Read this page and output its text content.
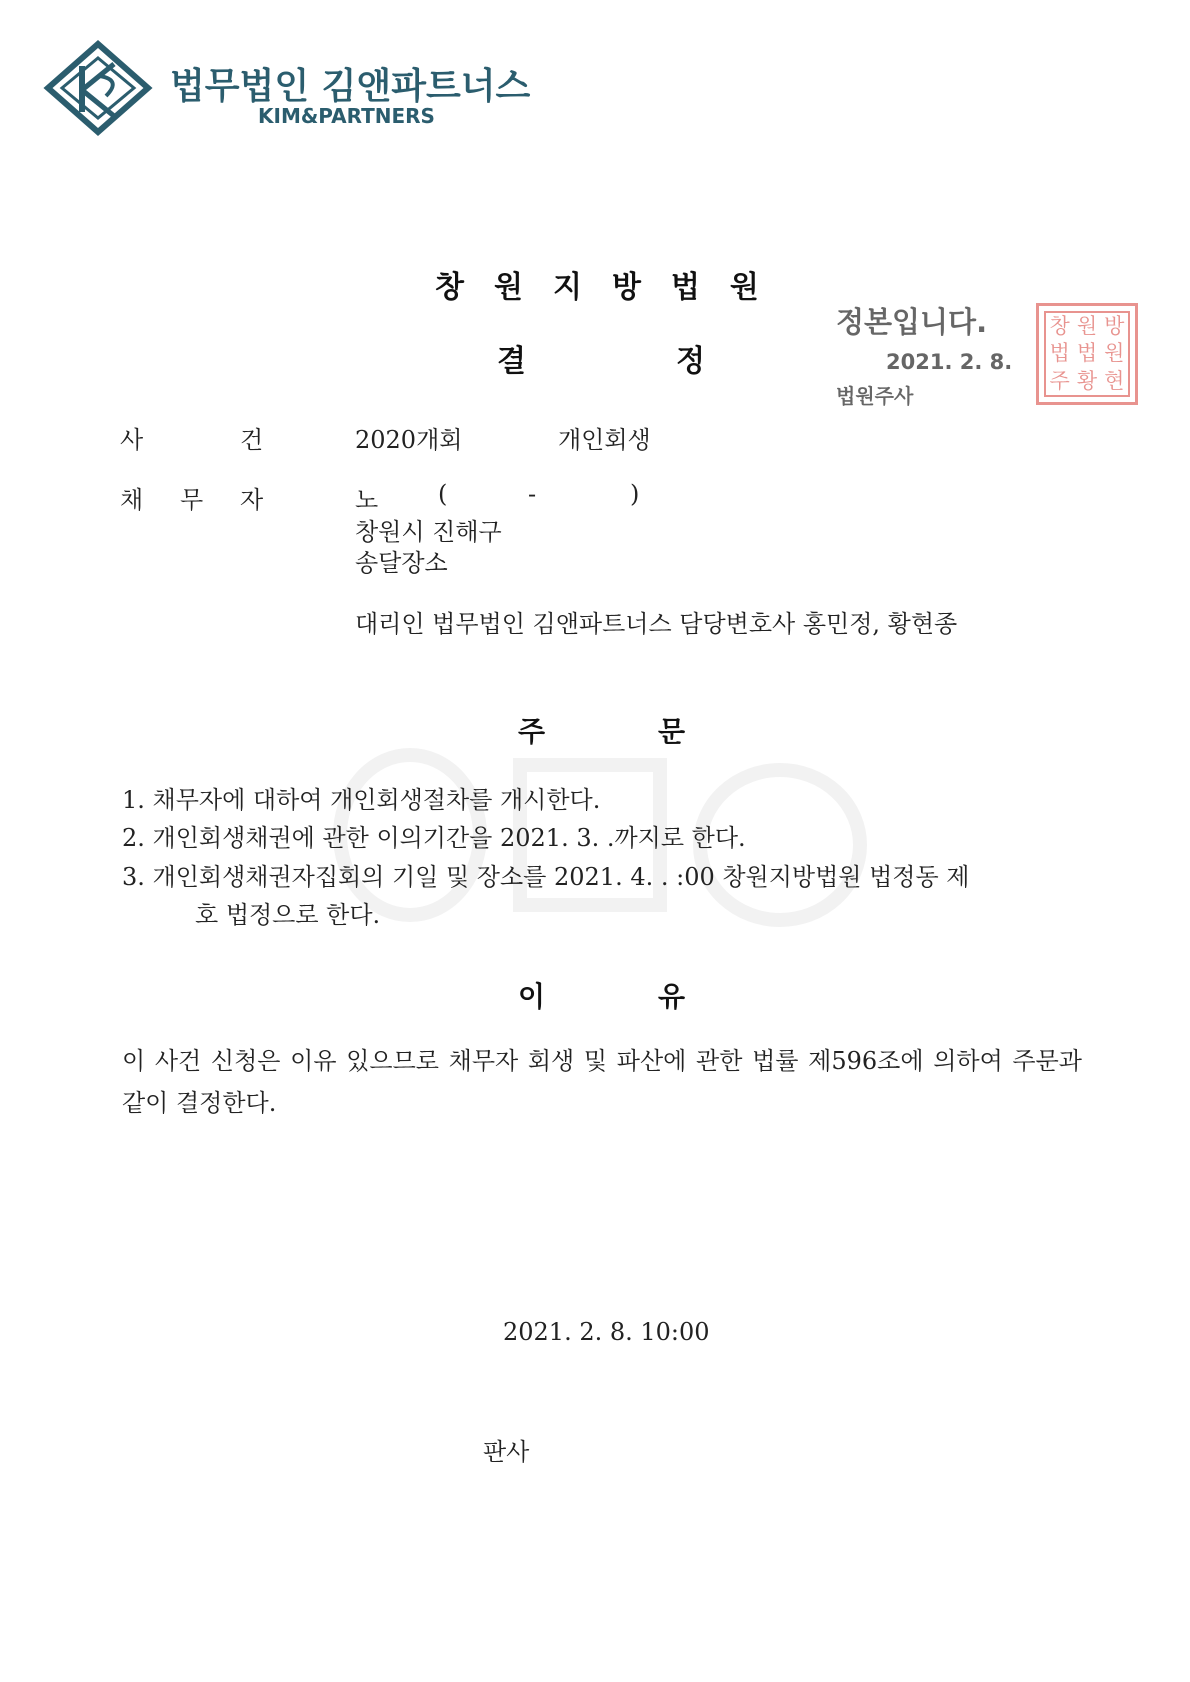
법무법인 김앤파트너스
KIM&PARTNERS
창원지방법원
결	정
정본입니다.
2021. 2. 8.
법원주사
창 원 방
법 법 원
주 황 현
사	건	2020개회	개인회생
채 무 자	노 (	-	)
창원시 진해구
송달장소
대리인 법무법인 김앤파트너스 담당변호사 홍민정, 황현종
주	문
1. 채무자에 대하여 개인회생절차를 개시한다.
2. 개인회생채권에 관한 이의기간을 2021. 3. .까지로 한다.
3. 개인회생채권자집회의 기일 및 장소를 2021. 4. . :00 창원지방법원 법정동 제
호 법정으로 한다.
이	유
이 사건 신청은 이유 있으므로 채무자 회생 및 파산에 관한 법률 제596조에 의하여 주문과 같이 결정한다.
2021. 2. 8. 10:00
판사
